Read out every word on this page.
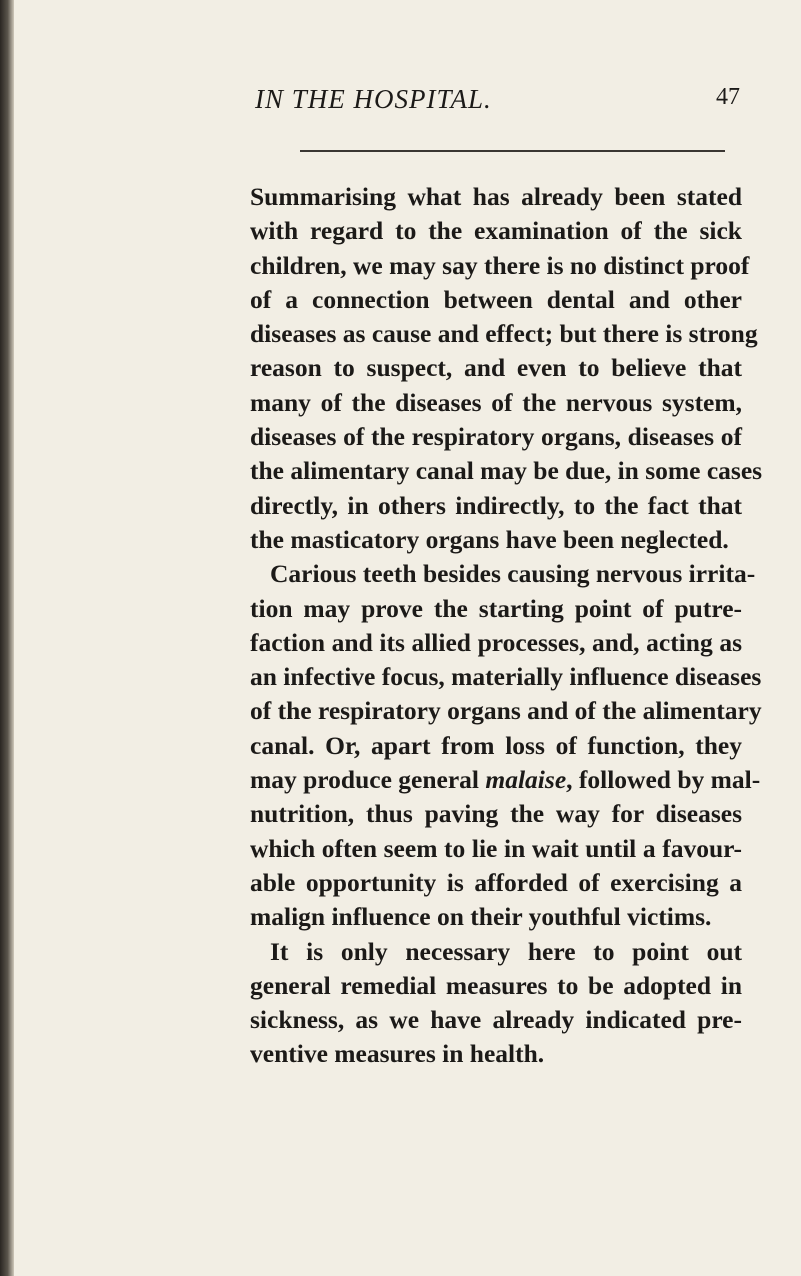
IN THE HOSPITAL.	47
Summarising what has already been stated
with regard to the examination of the sick
children, we may say there is no distinct proof
of a connection between dental and other
diseases as cause and effect; but there is strong
reason to suspect, and even to believe that
many of the diseases of the nervous system,
diseases of the respiratory organs, diseases of
the alimentary canal may be due, in some cases
directly, in others indirectly, to the fact that
the masticatory organs have been neglected.
Carious teeth besides causing nervous irrita-
tion may prove the starting point of putre-
faction and its allied processes, and, acting as
an infective focus, materially influence diseases
of the respiratory organs and of the alimentary
canal. Or, apart from loss of function, they
may produce general malaise, followed by mal-
nutrition, thus paving the way for diseases
which often seem to lie in wait until a favour-
able opportunity is afforded of exercising a
malign influence on their youthful victims.
It is only necessary here to point out
general remedial measures to be adopted in
sickness, as we have already indicated pre-
ventive measures in health.
